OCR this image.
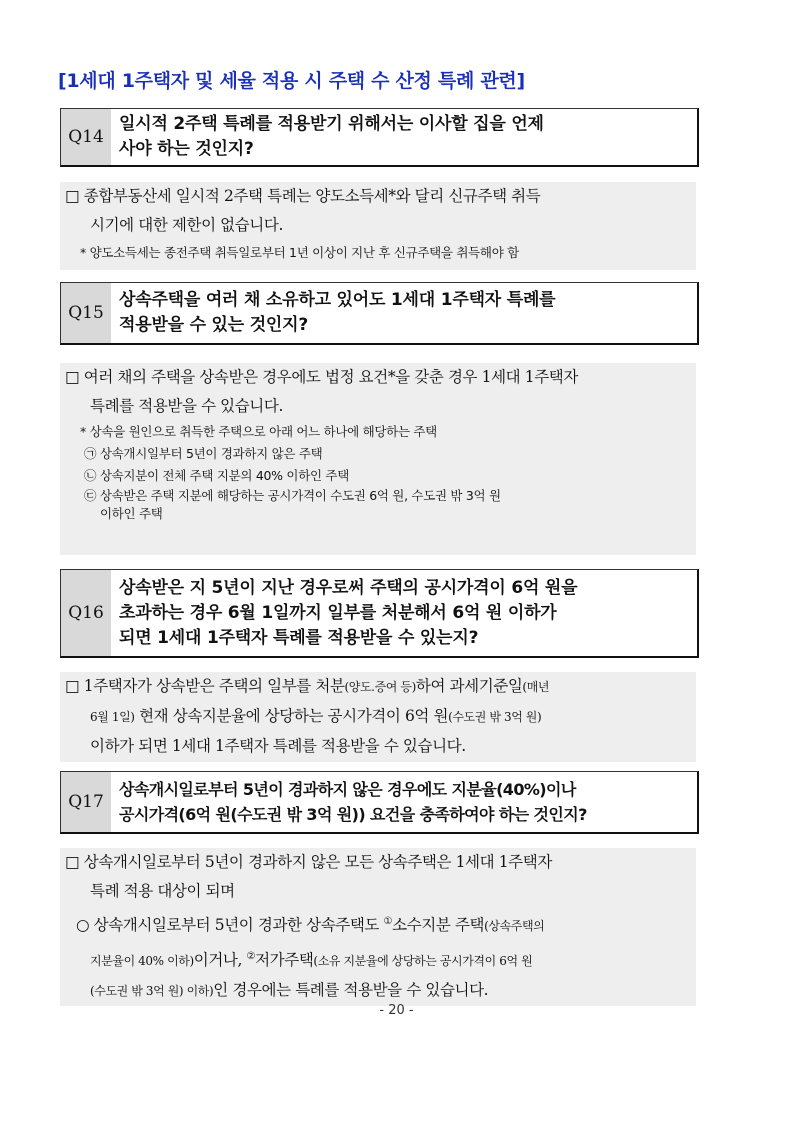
[1세대 1주택자 및 세율 적용 시 주택 수 산정 특례 관련]
Q14
일시적 2주택 특례를 적용받기 위해서는 이사할 집을 언제
사야 하는 것인지?
□ 종합부동산세 일시적 2주택 특례는 양도소득세*와 달리 신규주택 취득
시기에 대한 제한이 없습니다.
* 양도소득세는 종전주택 취득일로부터 1년 이상이 지난 후 신규주택을 취득해야 함
Q15
상속주택을 여러 채 소유하고 있어도 1세대 1주택자 특례를
적용받을 수 있는 것인지?
□ 여러 채의 주택을 상속받은 경우에도 법정 요건*을 갖춘 경우 1세대 1주택자
특례를 적용받을 수 있습니다.
* 상속을 원인으로 취득한 주택으로 아래 어느 하나에 해당하는 주택
㉠ 상속개시일부터 5년이 경과하지 않은 주택
㉡ 상속지분이 전체 주택 지분의 40% 이하인 주택
㉢ 상속받은 주택 지분에 해당하는 공시가격이 수도권 6억 원, 수도권 밖 3억 원
이하인 주택
Q16
상속받은 지 5년이 지난 경우로써 주택의 공시가격이 6억 원을
초과하는 경우 6월 1일까지 일부를 처분해서 6억 원 이하가
되면 1세대 1주택자 특례를 적용받을 수 있는지?
□ 1주택자가 상속받은 주택의 일부를 처분(양도.증여 등)하여 과세기준일(매년
6월 1일) 현재 상속지분율에 상당하는 공시가격이 6억 원(수도권 밖 3억 원)
이하가 되면 1세대 1주택자 특례를 적용받을 수 있습니다.
Q17
상속개시일로부터 5년이 경과하지 않은 경우에도 지분율(40%)이나
공시가격(6억 원(수도권 밖 3억 원)) 요건을 충족하여야 하는 것인지?
□ 상속개시일로부터 5년이 경과하지 않은 모든 상속주택은 1세대 1주택자
특례 적용 대상이 되며
○ 상속개시일로부터 5년이 경과한 상속주택도 ①소수지분 주택(상속주택의
지분율이 40% 이하)이거나, ②저가주택(소유 지분율에 상당하는 공시가격이 6억 원
(수도권 밖 3억 원) 이하)인 경우에는 특례를 적용받을 수 있습니다.
- 20 -
